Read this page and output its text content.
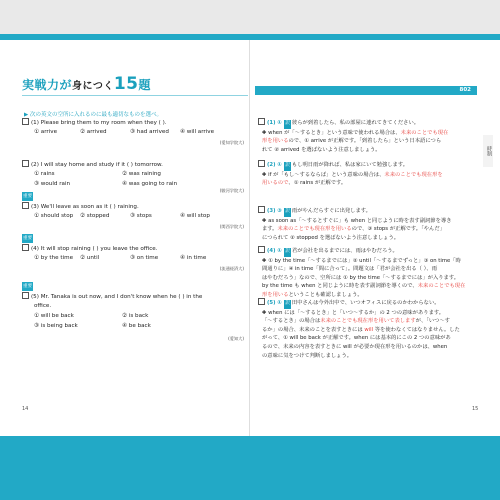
実戦力が身につく15題	802
▶ 次の英文の空所に入れるのに最も適切なものを選べ。
(1) Please bring them to my room when they ( ).
① arrive	② arrived	③ had arrived ④ will arrive
(愛知学院大)
(2) I will stay home and study if it ( ) tomorrow.
① rains	② was raining
③ would rain	④ was going to rain
(駿河学院大)
重要
(3) We'll leave as soon as it ( ) raining.
① should stop ② stopped	③ stops	④ will stop
(関西学院大)
重要
(4) It will stop raining ( ) you leave the office.
① by the time ② until	③ on time	④ in time
(流通経済大)
重要
(5) Mr. Tanaka is out now, and I don't know when he ( ) in the
office.
① will be back	② is back
③ is being back	④ be back
(愛知大)
(1) ① 訳 彼らが到着したら、私の部屋に連れてきてください。
✚ when が「～するとき」という意味で使われる場合は、未来のことでも現在
形を用いるので、① arrive が正解です。「到着したら」という日本語につら
れて ② arrived を選ばないよう注意しましょう。
(2) ① 訳 もし明日雨が降れば、私は家にいて勉強します。
✚ if が「もし～するならば」という意味の場合は、未来のことでも現在形を
用いるので、① rains が正解です。
(3) ③ 訳 雨がやんだらすぐに出発します。
✚ as soon as「～するとすぐに」も when と同じように時を表す副詞節を導き
ます。未来のことでも現在形を用いるので、③ stops が正解です。「やんだ」
につられて ② stopped を選ばないよう注意しましょう。
(4) ① 訳 君が会社を出るまでには、雨はやむだろう。
✚ ① by the time「～するまでには」② until「～するまでずっと」③ on time「時
間通りに」④ in time「間に合って」。問題文は「君が会社を出る（ ）、雨
はやむだろう」なので、空所には ① by the time「～するまでには」が入ります。
by the time も when と同じように時を表す副詞節を導くので、未来のことでも現在
形を用いるということも確認しましょう。
(5) ① 訳 田中さんは今外出中で、いつオフィスに戻るのかわからない。
✚ when には「～するとき」と「いつ～するか」の 2 つの意味があります。
「～するとき」の場合は未来のことでも現在形を用いて表しますが、「いつ～す
るか」の場合、未来のことを表すときには will 等を使わなくてはなりません。した
がって、① will be back が正解です。when には基本的にこの 2 つの意味があ
るので、未来の内容を表すときに will が必要か現在形を用いるのかは、when
の意味に気をつけて判断しましょう。
時制
14	15
